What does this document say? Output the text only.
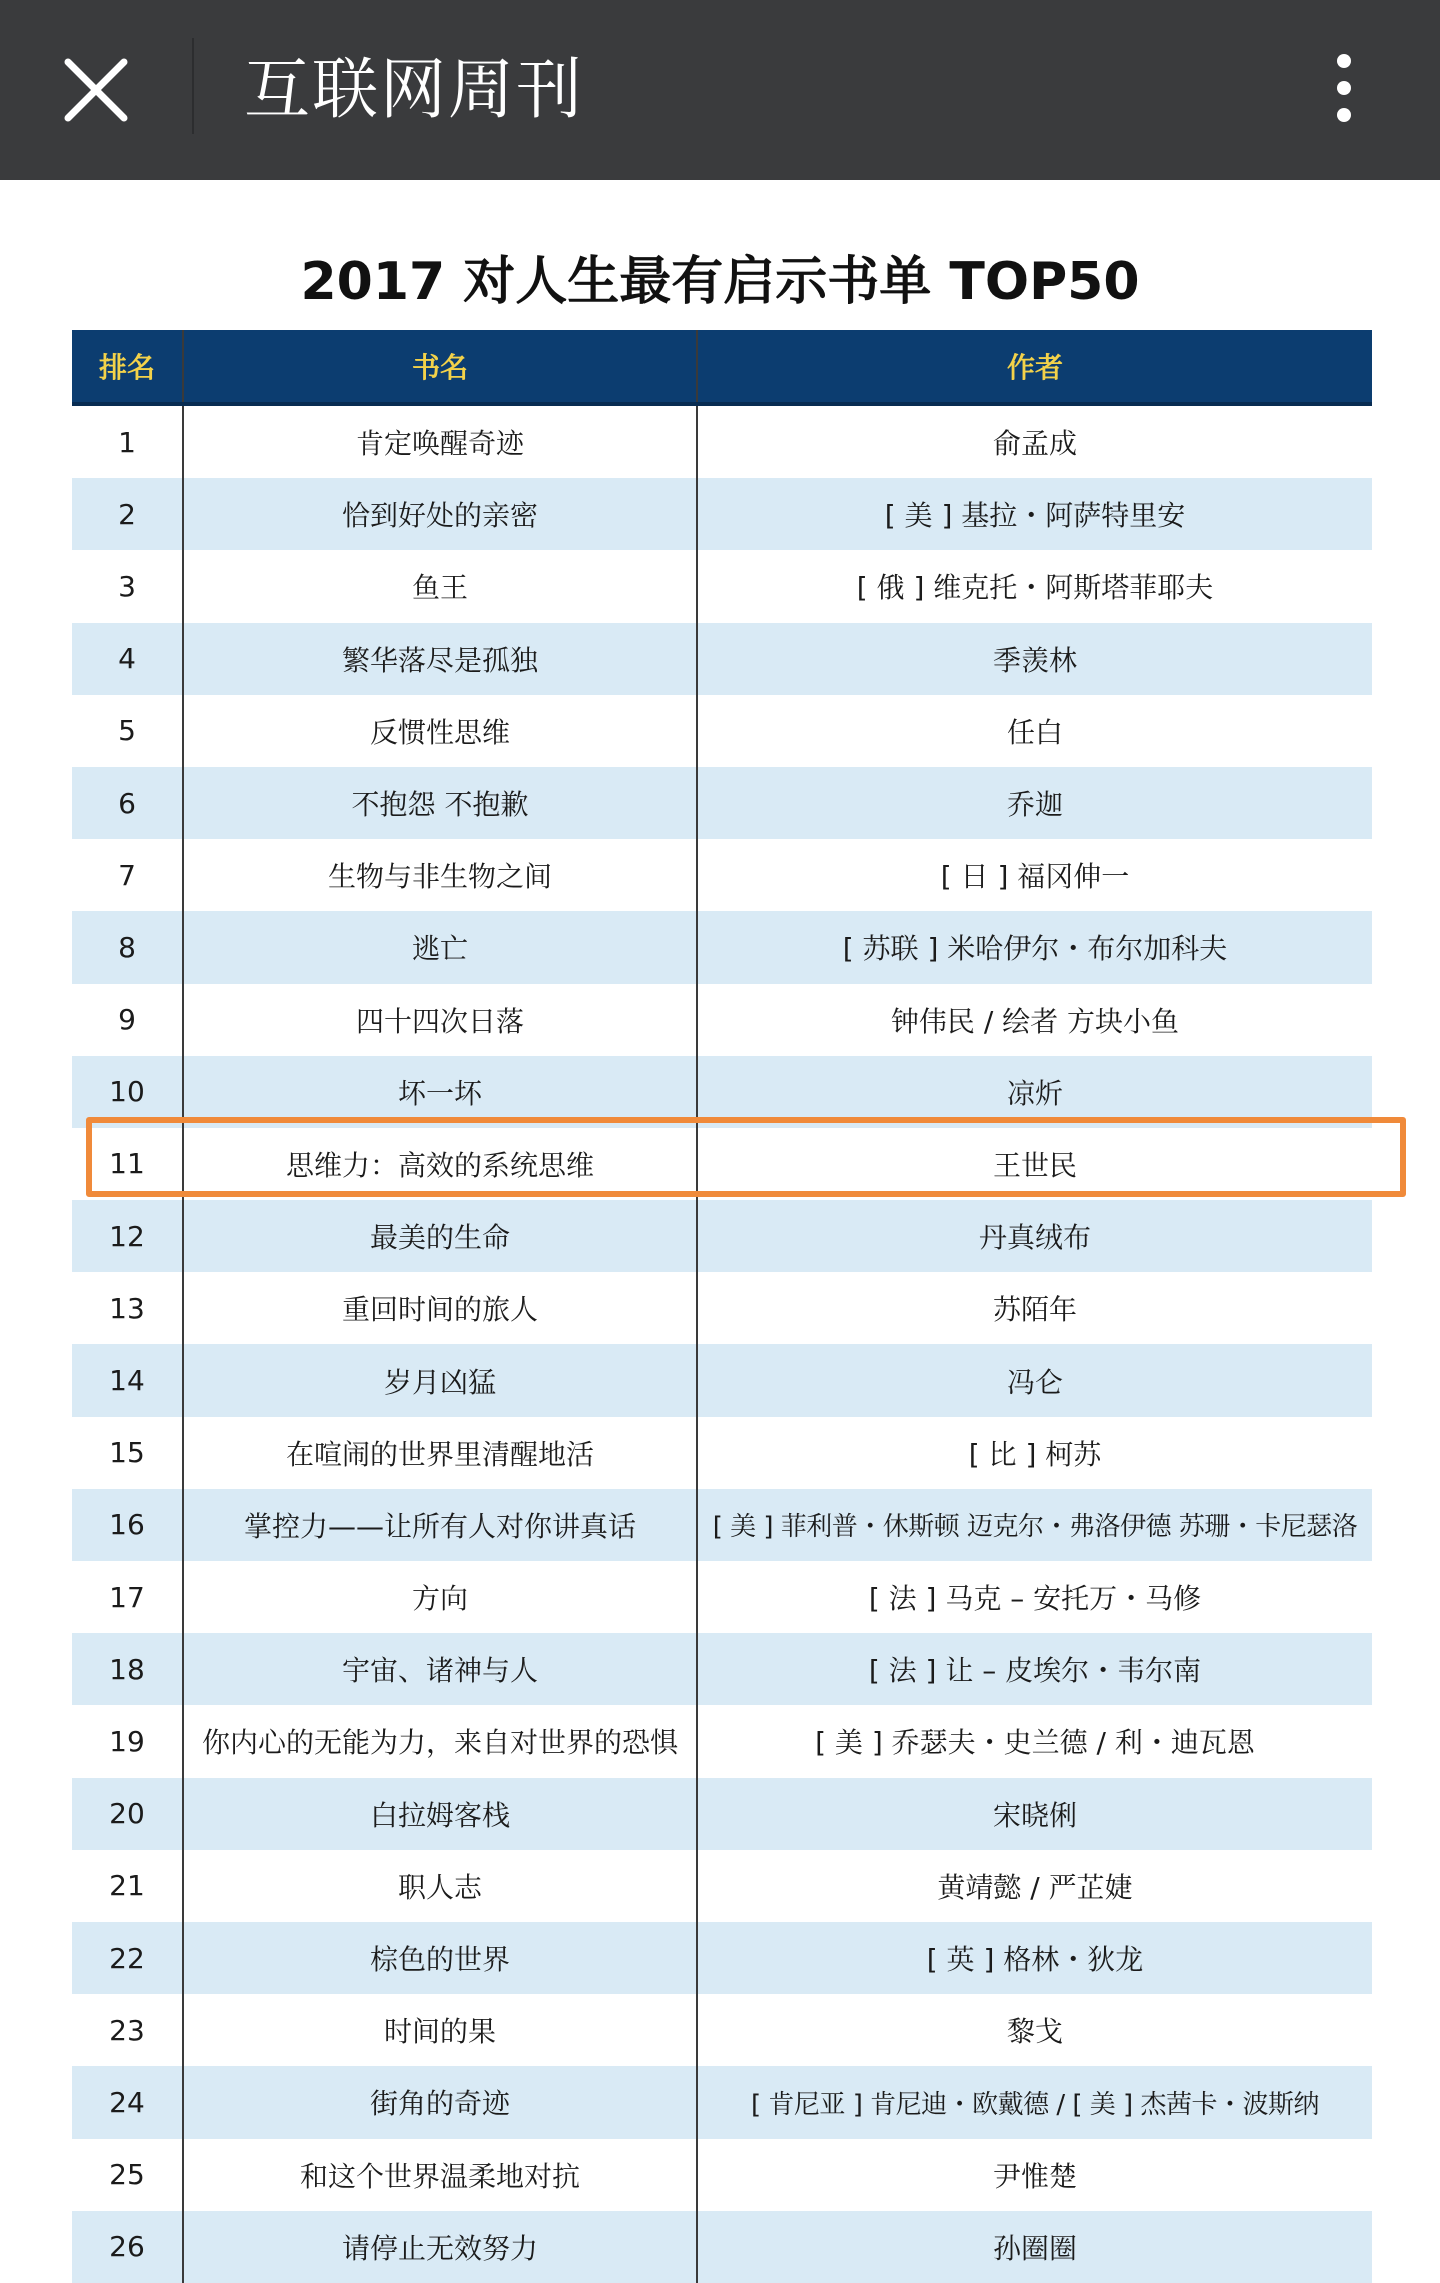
互联网周刊
2017 对人生最有启示书单 TOP50
排名	书名	作者
1	肯定唤醒奇迹	俞孟成
2	恰到好处的亲密	[ 美 ] 基拉・阿萨特里安
3	鱼王	[ 俄 ] 维克托・阿斯塔菲耶夫
4	繁华落尽是孤独	季羡林
5	反惯性思维	任白
6	不抱怨 不抱歉	乔迦
7	生物与非生物之间	[ 日 ] 福冈伸一
8	逃亡	[ 苏联 ] 米哈伊尔・布尔加科夫
9	四十四次日落	钟伟民 / 绘者 方块小鱼
10	坏一坏	凉炘
11	思维力：高效的系统思维	王世民
12	最美的生命	丹真绒布
13	重回时间的旅人	苏陌年
14	岁月凶猛	冯仑
15	在喧闹的世界里清醒地活	[ 比 ] 柯苏
16	掌控力——让所有人对你讲真话	[ 美 ] 菲利普・休斯顿 迈克尔・弗洛伊德 苏珊・卡尼瑟洛
17	方向	[ 法 ] 马克 – 安托万・马修
18	宇宙、诸神与人	[ 法 ] 让 – 皮埃尔・韦尔南
19	你内心的无能为力，来自对世界的恐惧	[ 美 ] 乔瑟夫・史兰德 / 利・迪瓦恩
20	白拉姆客栈	宋晓俐
21	职人志	黄靖懿 / 严芷婕
22	棕色的世界	[ 英 ] 格林・狄龙
23	时间的果	黎戈
24	街角的奇迹	[ 肯尼亚 ] 肯尼迪・欧戴德 / [ 美 ] 杰茜卡・波斯纳
25	和这个世界温柔地对抗	尹惟楚
26	请停止无效努力	孙圈圈
